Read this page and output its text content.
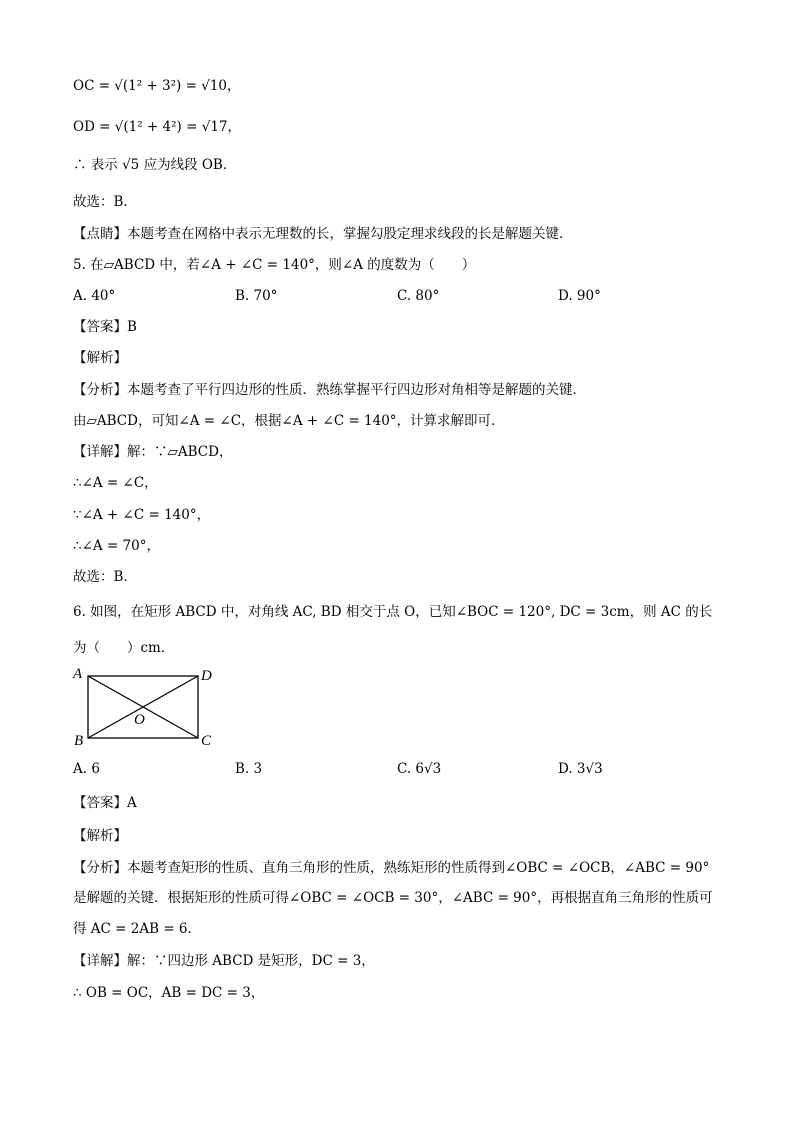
OC = √(1² + 3²) = √10，
OD = √(1² + 4²) = √17，
∴ 表示 √5 应为线段 OB．
故选：B．
【点睛】本题考查在网格中表示无理数的长，掌握勾股定理求线段的长是解题关键．
5. 在▱ABCD 中，若∠A + ∠C = 140°，则∠A 的度数为（　　）
A. 40°	B. 70°	C. 80°	D. 90°
【答案】B
【解析】
【分析】本题考查了平行四边形的性质．熟练掌握平行四边形对角相等是解题的关键．
由▱ABCD，可知∠A = ∠C，根据∠A + ∠C = 140°，计算求解即可．
【详解】解：∵▱ABCD，
∴∠A = ∠C，
∵∠A + ∠C = 140°，
∴∠A = 70°，
故选：B．
6. 如图，在矩形 ABCD 中，对角线 AC, BD 相交于点 O，已知∠BOC = 120°, DC = 3cm，则 AC 的长
为（　　）cm．
A	D
B	C
O
A. 6	B. 3	C. 6√3	D. 3√3
【答案】A
【解析】
【分析】本题考查矩形的性质、直角三角形的性质，熟练矩形的性质得到∠OBC = ∠OCB，∠ABC = 90°
是解题的关键．根据矩形的性质可得∠OBC = ∠OCB = 30°，∠ABC = 90°，再根据直角三角形的性质可
得 AC = 2AB = 6．
【详解】解：∵四边形 ABCD 是矩形，DC = 3，
∴ OB = OC，AB = DC = 3，
